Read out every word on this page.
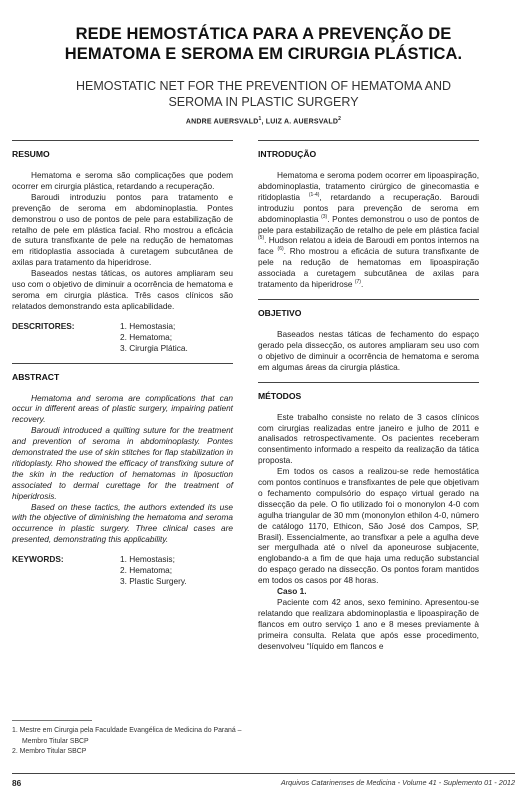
REDE HEMOSTÁTICA PARA A PREVENÇÃO DE
HEMATOMA E SEROMA EM CIRURGIA PLÁSTICA.
HEMOSTATIC NET FOR THE PREVENTION OF HEMATOMA AND
SEROMA IN PLASTIC SURGERY
ANDRE AUERSVALD$^1$, LUIZ A. AUERSVALD$^2$
RESUMO

Hematoma e seroma são complicações que podem ocorrer em cirurgia plástica, retardando a recuperação.

Baroudi introduziu pontos para tratamento e prevenção de seroma em abdominoplastia. Pontes demonstrou o uso de pontos de pele para estabilização de retalho de pele em plástica facial. Rho mostrou a eficácia de sutura transfixante de pele na redução de hematomas em ritidoplastia associada à curetagem subcutânea de axilas para tratamento da hiperidrose.

Baseados nestas táticas, os autores ampliaram seu uso com o objetivo de diminuir a ocorrência de hematoma e seroma em cirurgia plástica. Três casos clínicos são relatados demonstrando esta aplicabilidade.

DESCRITORES:	1. Hemostasia;
2. Hematoma;
3. Cirurgia Plática.
ABSTRACT

Hematoma and seroma are complications that can occur in different areas of plastic surgery, impairing patient recovery.

Baroudi introduced a quilting suture for the treatment and prevention of seroma in abdominoplasty. Pontes demonstrated the use of skin stitches for flap stabilization in ritidoplasty. Rho showed the efficacy of transfixing suture of the skin in the reduction of hematomas in liposuction associated to dermal curettage for the treatment of hiperidrosis.

Based on these tactics, the authors extended its use with the objective of diminishing the hematoma and seroma occurrence in plastic surgery. Three clinical cases are presented, demonstrating this applicability.

KEYWORDS:	1. Hemostasis;
2. Hematoma;
3. Plastic Surgery.
1. Mestre em Cirurgia pela Faculdade Evangélica de Medicina do Paraná – Membro Titular SBCP
2. Membro Titular SBCP
INTRODUÇÃO

Hematoma e seroma podem ocorrer em lipoaspiração, abdominoplastia, tratamento cirúrgico de ginecomastia e ritidoplastia $^{(1-4)}$, retardando a recuperação. Baroudi introduziu pontos para prevenção de seroma em abdominoplastia $^{(3)}$. Pontes demonstrou o uso de pontos de pele para estabilização de retalho de pele em plástica facial $^{(5)}$. Hudson relatou a ideia de Baroudi em pontos internos na face $^{(6)}$. Rho mostrou a eficácia de sutura transfixante de pele na redução de hematomas em lipoaspiração associada a curetagem subcutânea de axilas para tratamento da hiperidrose $^{(7)}$.

OBJETIVO

Baseados nestas táticas de fechamento do espaço gerado pela dissecção, os autores ampliaram seu uso com o objetivo de diminuir a ocorrência de hematoma e seroma em algumas áreas da cirurgia plástica.

MÉTODOS

Este trabalho consiste no relato de 3 casos clínicos com cirurgias realizadas entre janeiro e julho de 2011 e analisados retrospectivamente. Os pacientes receberam consentimento informado a respeito da realização da tática proposta.

Em todos os casos a realizou-se rede hemostática com pontos contínuos e transfixantes de pele que objetivam o fechamento compulsório do espaço virtual gerado na dissecção da pele. O fio utilizado foi o mononylon 4-0 com agulha triangular de 30 mm (mononylon ethilon 4-0, número de catálogo 1170, Ethicon, São José dos Campos, SP, Brasil). Essencialmente, ao transfixar a pele a agulha deve ser mergulhada até o nível da aponeurose subjacente, englobando-a a fim de que haja uma redução substancial do espaço gerado na dissecção. Os pontos foram mantidos em todos os casos por 48 horas.

Caso 1.

Paciente com 42 anos, sexo feminino. Apresentou-se relatando que realizara abdominoplastia e lipoaspiração de flancos em outro serviço 1 ano e 8 meses previamente à primeira consulta. Relata que após esse procedimento, desenvolveu “líquido em flancos e

86	Arquivos Catarinenses de Medicina - Volume 41 - Suplemento 01 - 2012
